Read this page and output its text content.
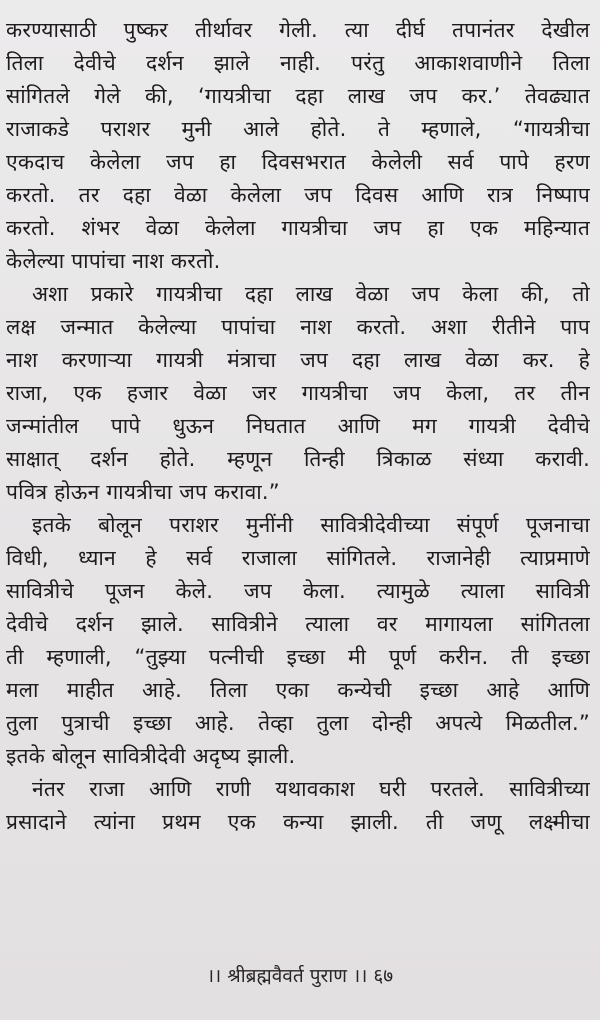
करण्यासाठी पुष्कर तीर्थावर गेली. त्या दीर्घ तपानंतर देखील
तिला देवीचे दर्शन झाले नाही. परंतु आकाशवाणीने तिला
सांगितले गेले की, ‘गायत्रीचा दहा लाख जप कर.’ तेवढ्यात
राजाकडे पराशर मुनी आले होते. ते म्हणाले, “गायत्रीचा
एकदाच केलेला जप हा दिवसभरात केलेली सर्व पापे हरण
करतो. तर दहा वेळा केलेला जप दिवस आणि रात्र निष्पाप
करतो. शंभर वेळा केलेला गायत्रीचा जप हा एक महिन्यात
केलेल्या पापांचा नाश करतो.
अशा प्रकारे गायत्रीचा दहा लाख वेळा जप केला की, तो
लक्ष जन्मात केलेल्या पापांचा नाश करतो. अशा रीतीने पाप
नाश करणाऱ्या गायत्री मंत्राचा जप दहा लाख वेळा कर. हे
राजा, एक हजार वेळा जर गायत्रीचा जप केला, तर तीन
जन्मांतील पापे धुऊन निघतात आणि मग गायत्री देवीचे
साक्षात् दर्शन होते. म्हणून तिन्ही त्रिकाळ संध्या करावी.
पवित्र होऊन गायत्रीचा जप करावा.”
इतके बोलून पराशर मुनींनी सावित्रीदेवीच्या संपूर्ण पूजनाचा
विधी, ध्यान हे सर्व राजाला सांगितले. राजानेही त्याप्रमाणे
सावित्रीचे पूजन केले. जप केला. त्यामुळे त्याला सावित्री
देवीचे दर्शन झाले. सावित्रीने त्याला वर मागायला सांगितला
ती म्हणाली, “तुझ्या पत्नीची इच्छा मी पूर्ण करीन. ती इच्छा
मला माहीत आहे. तिला एका कन्येची इच्छा आहे आणि
तुला पुत्राची इच्छा आहे. तेव्हा तुला दोन्ही अपत्ये मिळतील.”
इतके बोलून सावित्रीदेवी अदृष्य झाली.
नंतर राजा आणि राणी यथावकाश घरी परतले. सावित्रीच्या
प्रसादाने त्यांना प्रथम एक कन्या झाली. ती जणू लक्ष्मीचा
।। श्रीब्रह्मवैवर्त पुराण ।। ६७
